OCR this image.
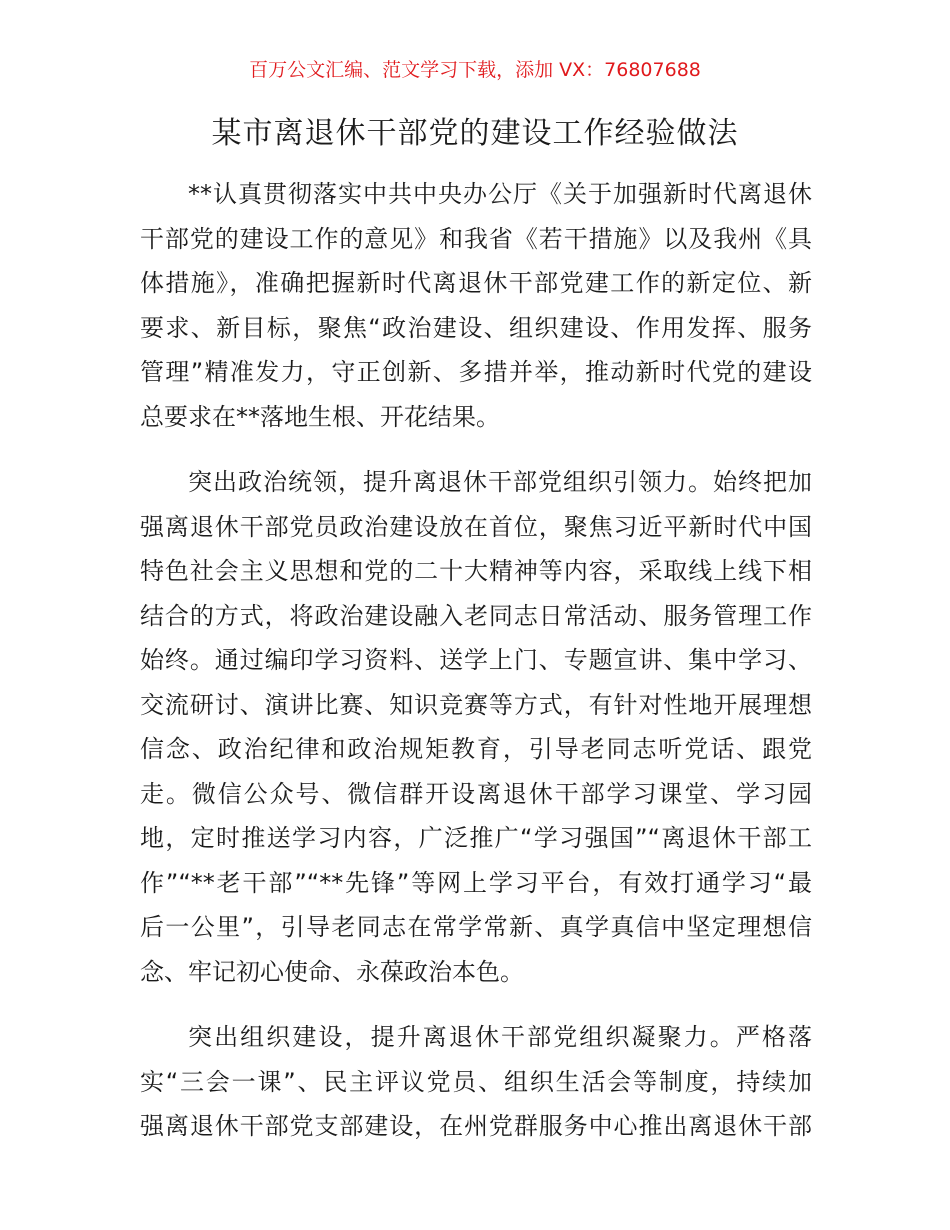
百万公文汇编、范文学习下载，添加 VX：76807688
某市离退休干部党的建设工作经验做法
**认真贯彻落实中共中央办公厅《关于加强新时代离退休
干部党的建设工作的意见》和我省《若干措施》以及我州《具
体措施》，准确把握新时代离退休干部党建工作的新定位、新
要求、新目标，聚焦“政治建设、组织建设、作用发挥、服务
管理”精准发力，守正创新、多措并举，推动新时代党的建设
总要求在**落地生根、开花结果。
突出政治统领，提升离退休干部党组织引领力。始终把加
强离退休干部党员政治建设放在首位，聚焦习近平新时代中国
特色社会主义思想和党的二十大精神等内容，采取线上线下相
结合的方式，将政治建设融入老同志日常活动、服务管理工作
始终。通过编印学习资料、送学上门、专题宣讲、集中学习、
交流研讨、演讲比赛、知识竞赛等方式，有针对性地开展理想
信念、政治纪律和政治规矩教育，引导老同志听党话、跟党
走。微信公众号、微信群开设离退休干部学习课堂、学习园
地，定时推送学习内容，广泛推广“学习强国”“离退休干部工
作”“**老干部”“**先锋”等网上学习平台，有效打通学习“最
后一公里”，引导老同志在常学常新、真学真信中坚定理想信
念、牢记初心使命、永葆政治本色。
突出组织建设，提升离退休干部党组织凝聚力。严格落
实“三会一课”、民主评议党员、组织生活会等制度，持续加
强离退休干部党支部建设，在州党群服务中心推出离退休干部
